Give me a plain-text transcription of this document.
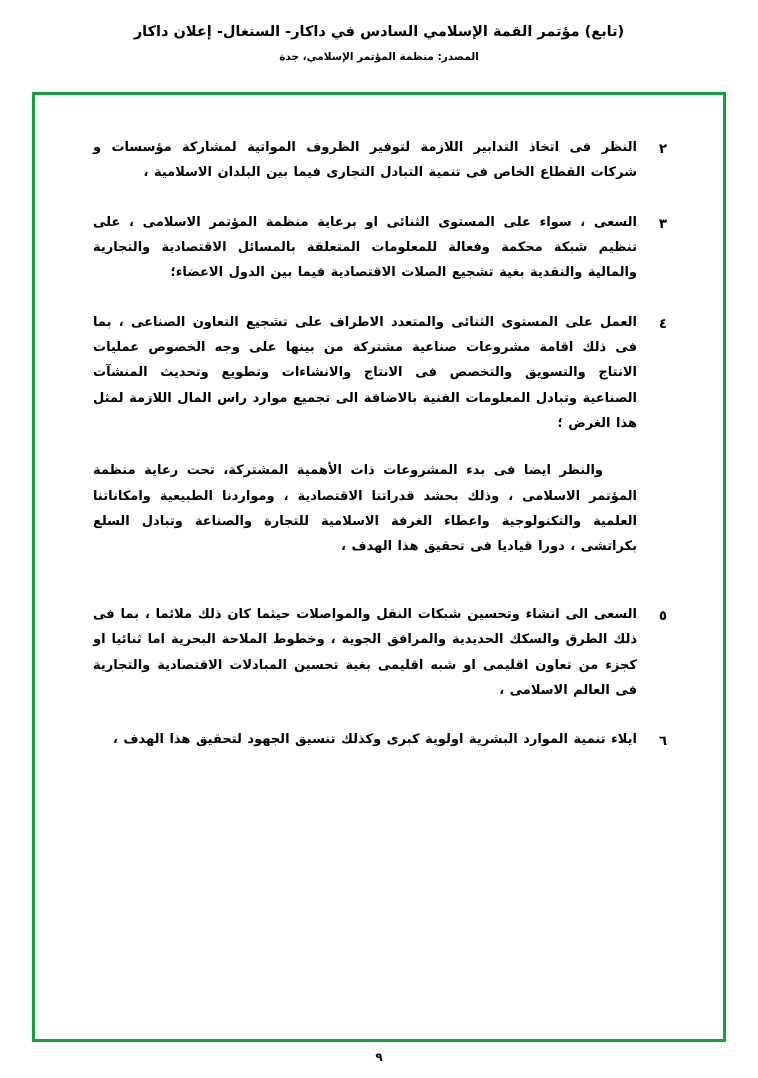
(تابع) مؤتمر القمة الإسلامي السادس في داكار- السنغال- إعلان داكار
المصدر: منظمة المؤتمر الإسلامي، جدة
٢

النظر فى اتخاذ التدابير اللازمة لتوفير الظروف المواتية لمشاركة مؤسسات و شركات القطاع الخاص فى تنمية التبادل التجارى فيما بين البلدان الاسلامية ،

٣

السعى ، سواء على المستوى الثنائى او برعاية منظمة المؤتمر الاسلامى ، على تنظيم شبكة محكمة وفعالة للمعلومات المتعلقة بالمسائل الاقتصادية والتجارية والمالية والنقدية بغية تشجيع الصلات الاقتصادية فيما بين الدول الاعضاء؛

٤

العمل على المستوى الثنائى والمتعدد الاطراف على تشجيع التعاون الصناعى ، بما فى ذلك اقامة مشروعات صناعية مشتركة من بينها على وجه الخصوص عمليات الانتاج والتسويق والتخصص فى الانتاج والانشاءات وتطويع وتحديث المنشآت الصناعية وتبادل المعلومات الفنية بالاضافة الى تجميع موارد راس المال اللازمة لمثل هذا الغرض ؛

والنظر ايضا فى بدء المشروعات ذات الأهمية المشتركة، تحت رعاية منظمة المؤتمر الاسلامى ، وذلك بحشد قدراتنا الاقتصادية ، ومواردنا الطبيعية وامكاناتنا العلمية والتكنولوجية واعطاء الغرفة الاسلامية للتجارة والصناعة وتبادل السلع بكراتشى ، دورا قياديا فى تحقيق هذا الهدف ،

٥

السعى الى انشاء وتحسين شبكات النقل والمواصلات حيثما كان ذلك ملائما ، بما فى ذلك الطرق والسكك الحديدية والمرافق الجوية ، وخطوط الملاحة البحرية اما ثنائيا او كجزء من تعاون اقليمى او شبه اقليمى بغية تحسين المبادلات الاقتصادية والتجارية فى العالم الاسلامى ،

٦

ايلاء تنمية الموارد البشرية اولوية كبرى وكذلك تنسيق الجهود لتحقيق هذا الهدف ،

٩
